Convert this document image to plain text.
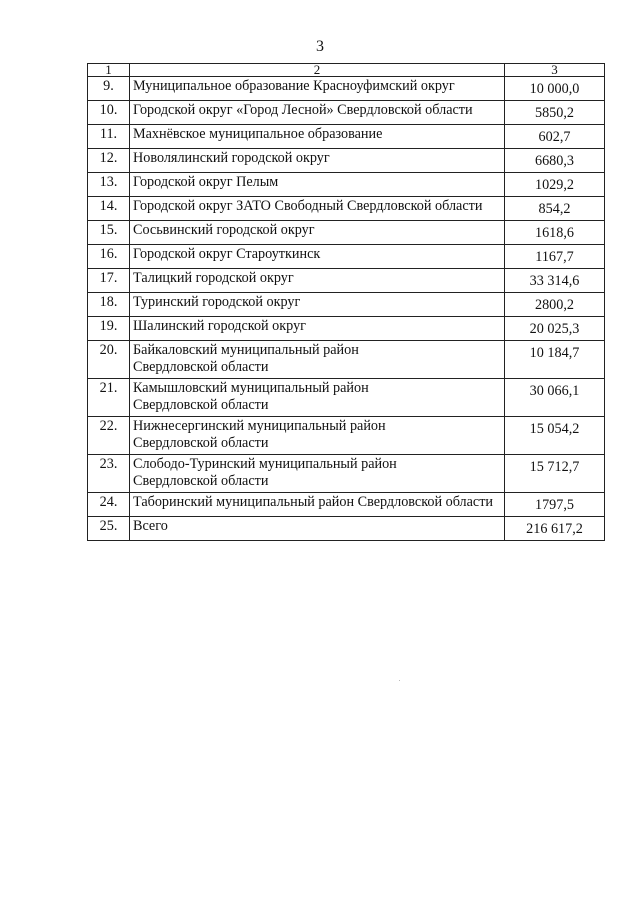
3
1	2	3
9.	Муниципальное образование Красноуфимский округ	10 000,0
10.	Городской округ «Город Лесной» Свердловской области	5850,2
11.	Махнёвское муниципальное образование	602,7
12.	Новолялинский городской округ	6680,3
13.	Городской округ Пелым	1029,2
14.	Городской округ ЗАТО Свободный Свердловской области	854,2
15.	Сосьвинский городской округ	1618,6
16.	Городской округ Староуткинск	1167,7
17.	Талицкий городской округ	33 314,6
18.	Туринский городской округ	2800,2
19.	Шалинский городской округ	20 025,3
20.	Байкаловский муниципальный район
Свердловской области	10 184,7
21.	Камышловский муниципальный район
Свердловской области	30 066,1
22.	Нижнесергинский муниципальный район
Свердловской области	15 054,2
23.	Слободо-Туринский муниципальный район
Свердловской области	15 712,7
24.	Таборинский муниципальный район Свердловской области	1797,5
25.	Всего	216 617,2
